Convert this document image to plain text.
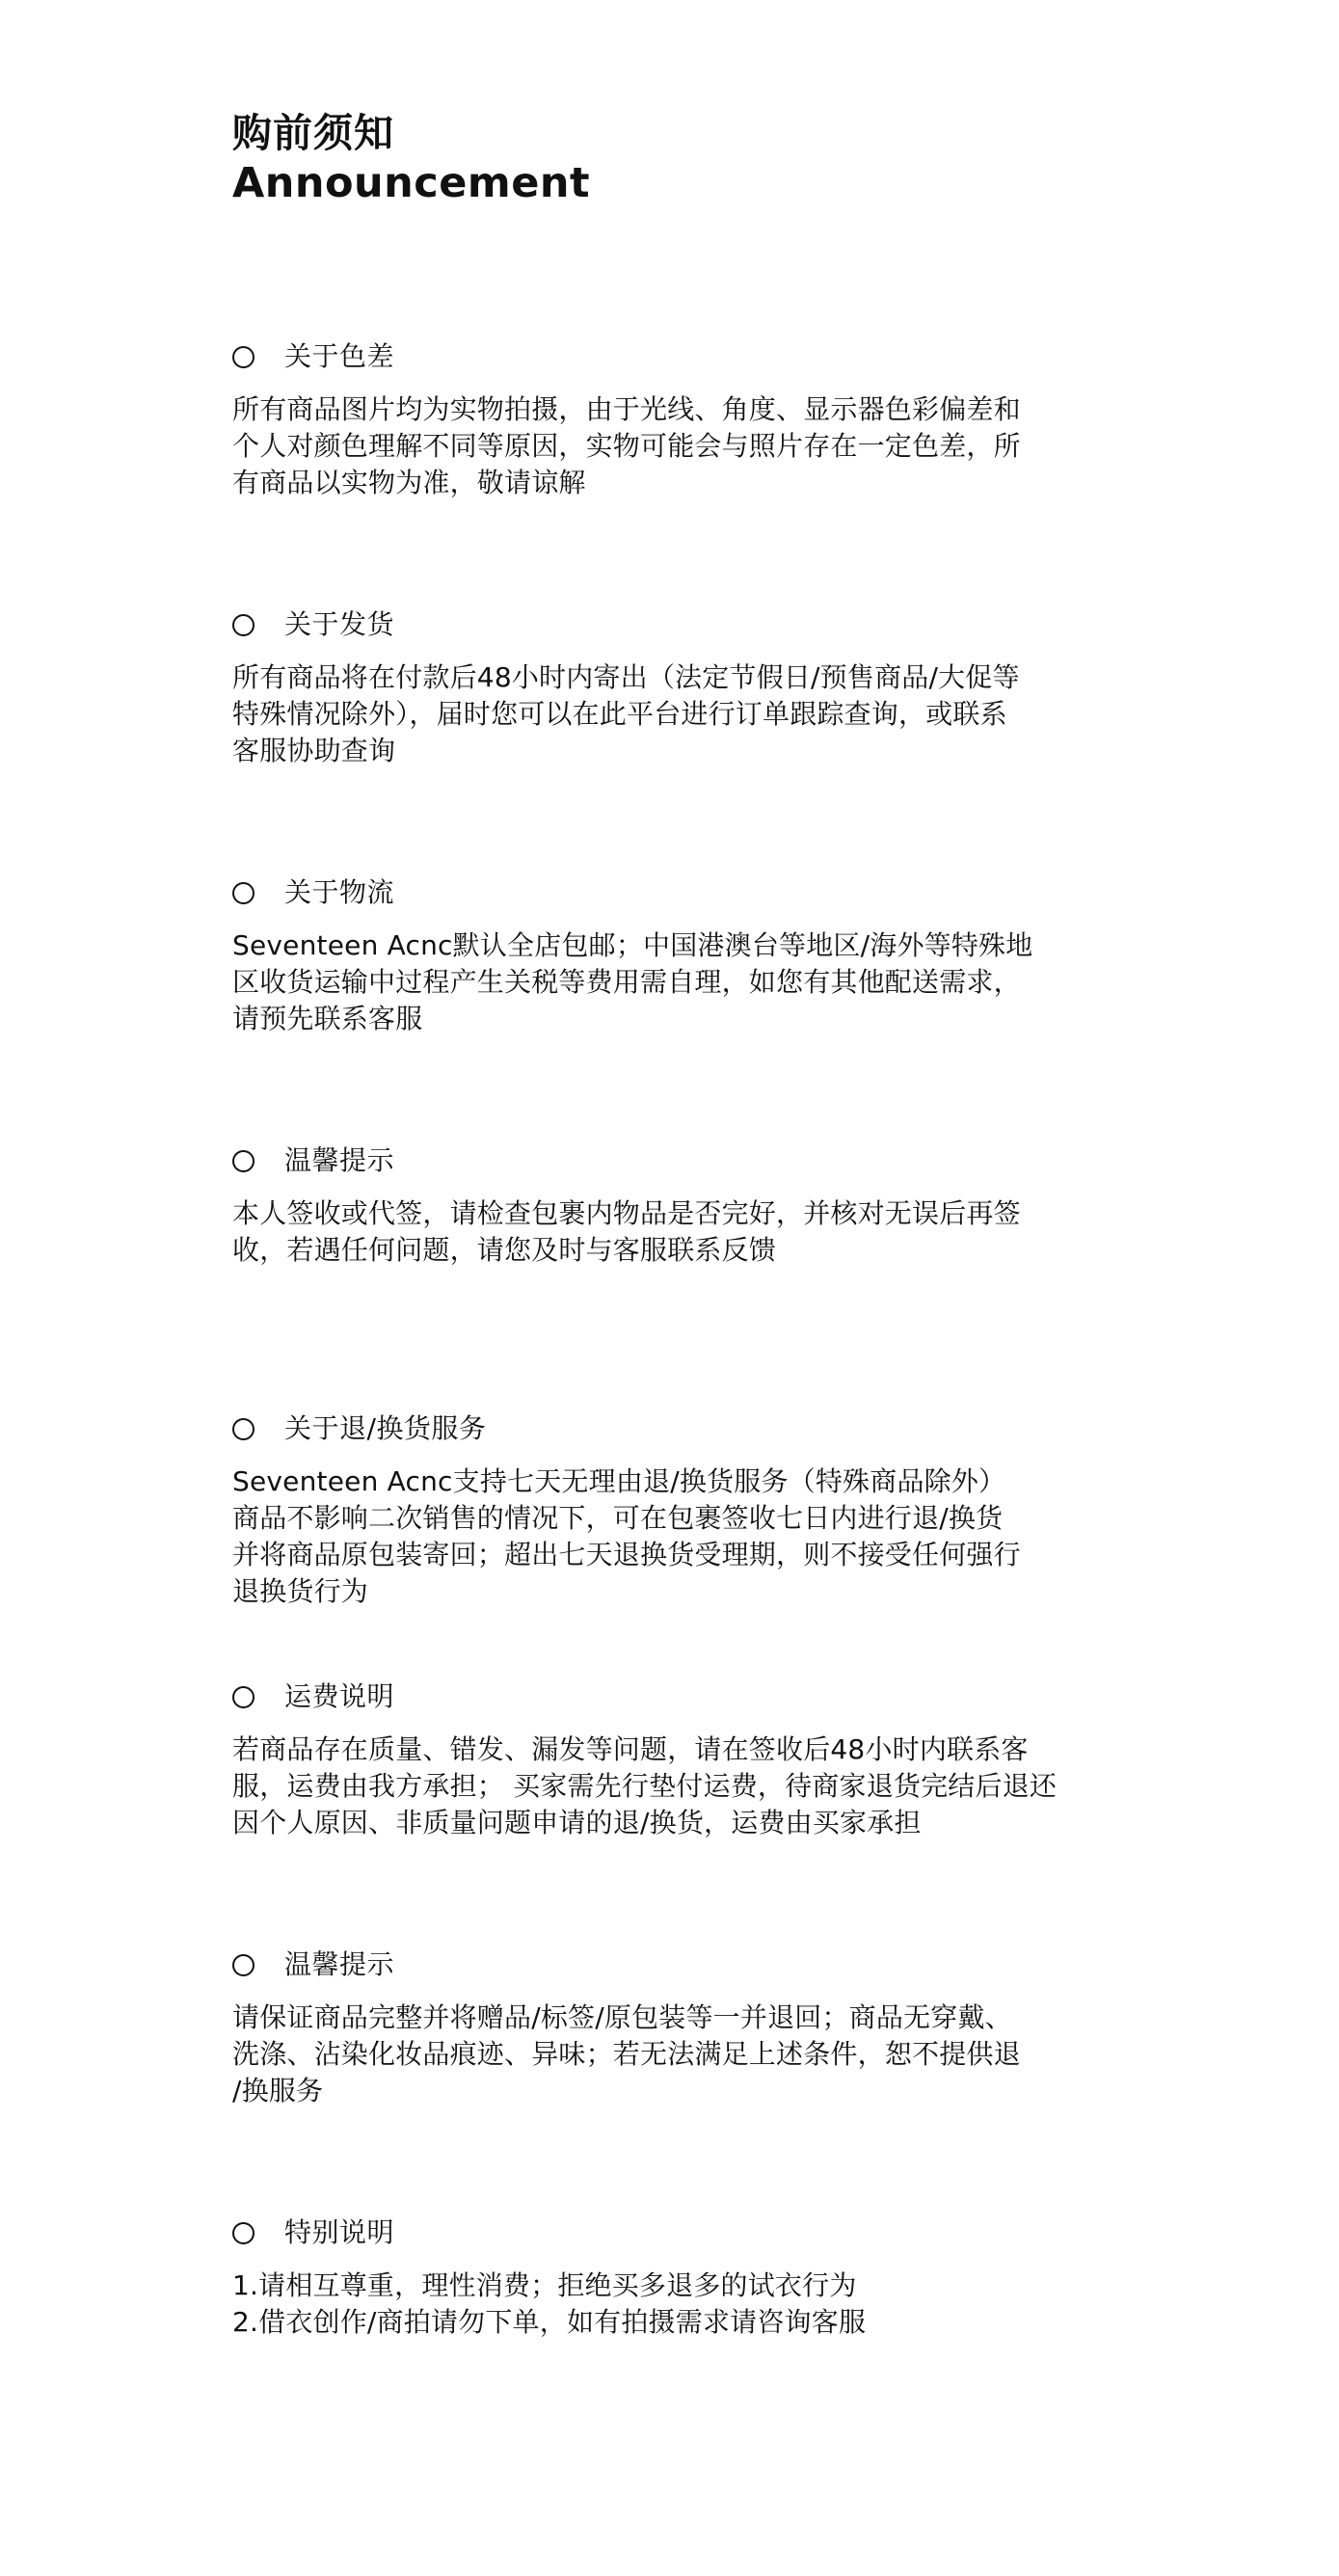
购前须知
Announcement
关于色差
所有商品图片均为实物拍摄，由于光线、角度、显示器色彩偏差和
个人对颜色理解不同等原因，实物可能会与照片存在一定色差，所
有商品以实物为准，敬请谅解
关于发货
所有商品将在付款后48小时内寄出（法定节假日/预售商品/大促等
特殊情况除外），届时您可以在此平台进行订单跟踪查询，或联系
客服协助查询
关于物流
Seventeen Acnc默认全店包邮；中国港澳台等地区/海外等特殊地
区收货运输中过程产生关税等费用需自理，如您有其他配送需求，
请预先联系客服
温馨提示
本人签收或代签，请检查包裹内物品是否完好，并核对无误后再签
收，若遇任何问题，请您及时与客服联系反馈
关于退/换货服务
Seventeen Acnc支持七天无理由退/换货服务（特殊商品除外）
商品不影响二次销售的情况下，可在包裹签收七日内进行退/换货
并将商品原包装寄回；超出七天退换货受理期，则不接受任何强行
退换货行为
运费说明
若商品存在质量、错发、漏发等问题，请在签收后48小时内联系客
服，运费由我方承担； 买家需先行垫付运费，待商家退货完结后退还
因个人原因、非质量问题申请的退/换货，运费由买家承担
温馨提示
请保证商品完整并将赠品/标签/原包装等一并退回；商品无穿戴、
洗涤、沾染化妆品痕迹、异味；若无法满足上述条件，恕不提供退
/换服务
特别说明
1.请相互尊重，理性消费；拒绝买多退多的试衣行为
2.借衣创作/商拍请勿下单，如有拍摄需求请咨询客服
